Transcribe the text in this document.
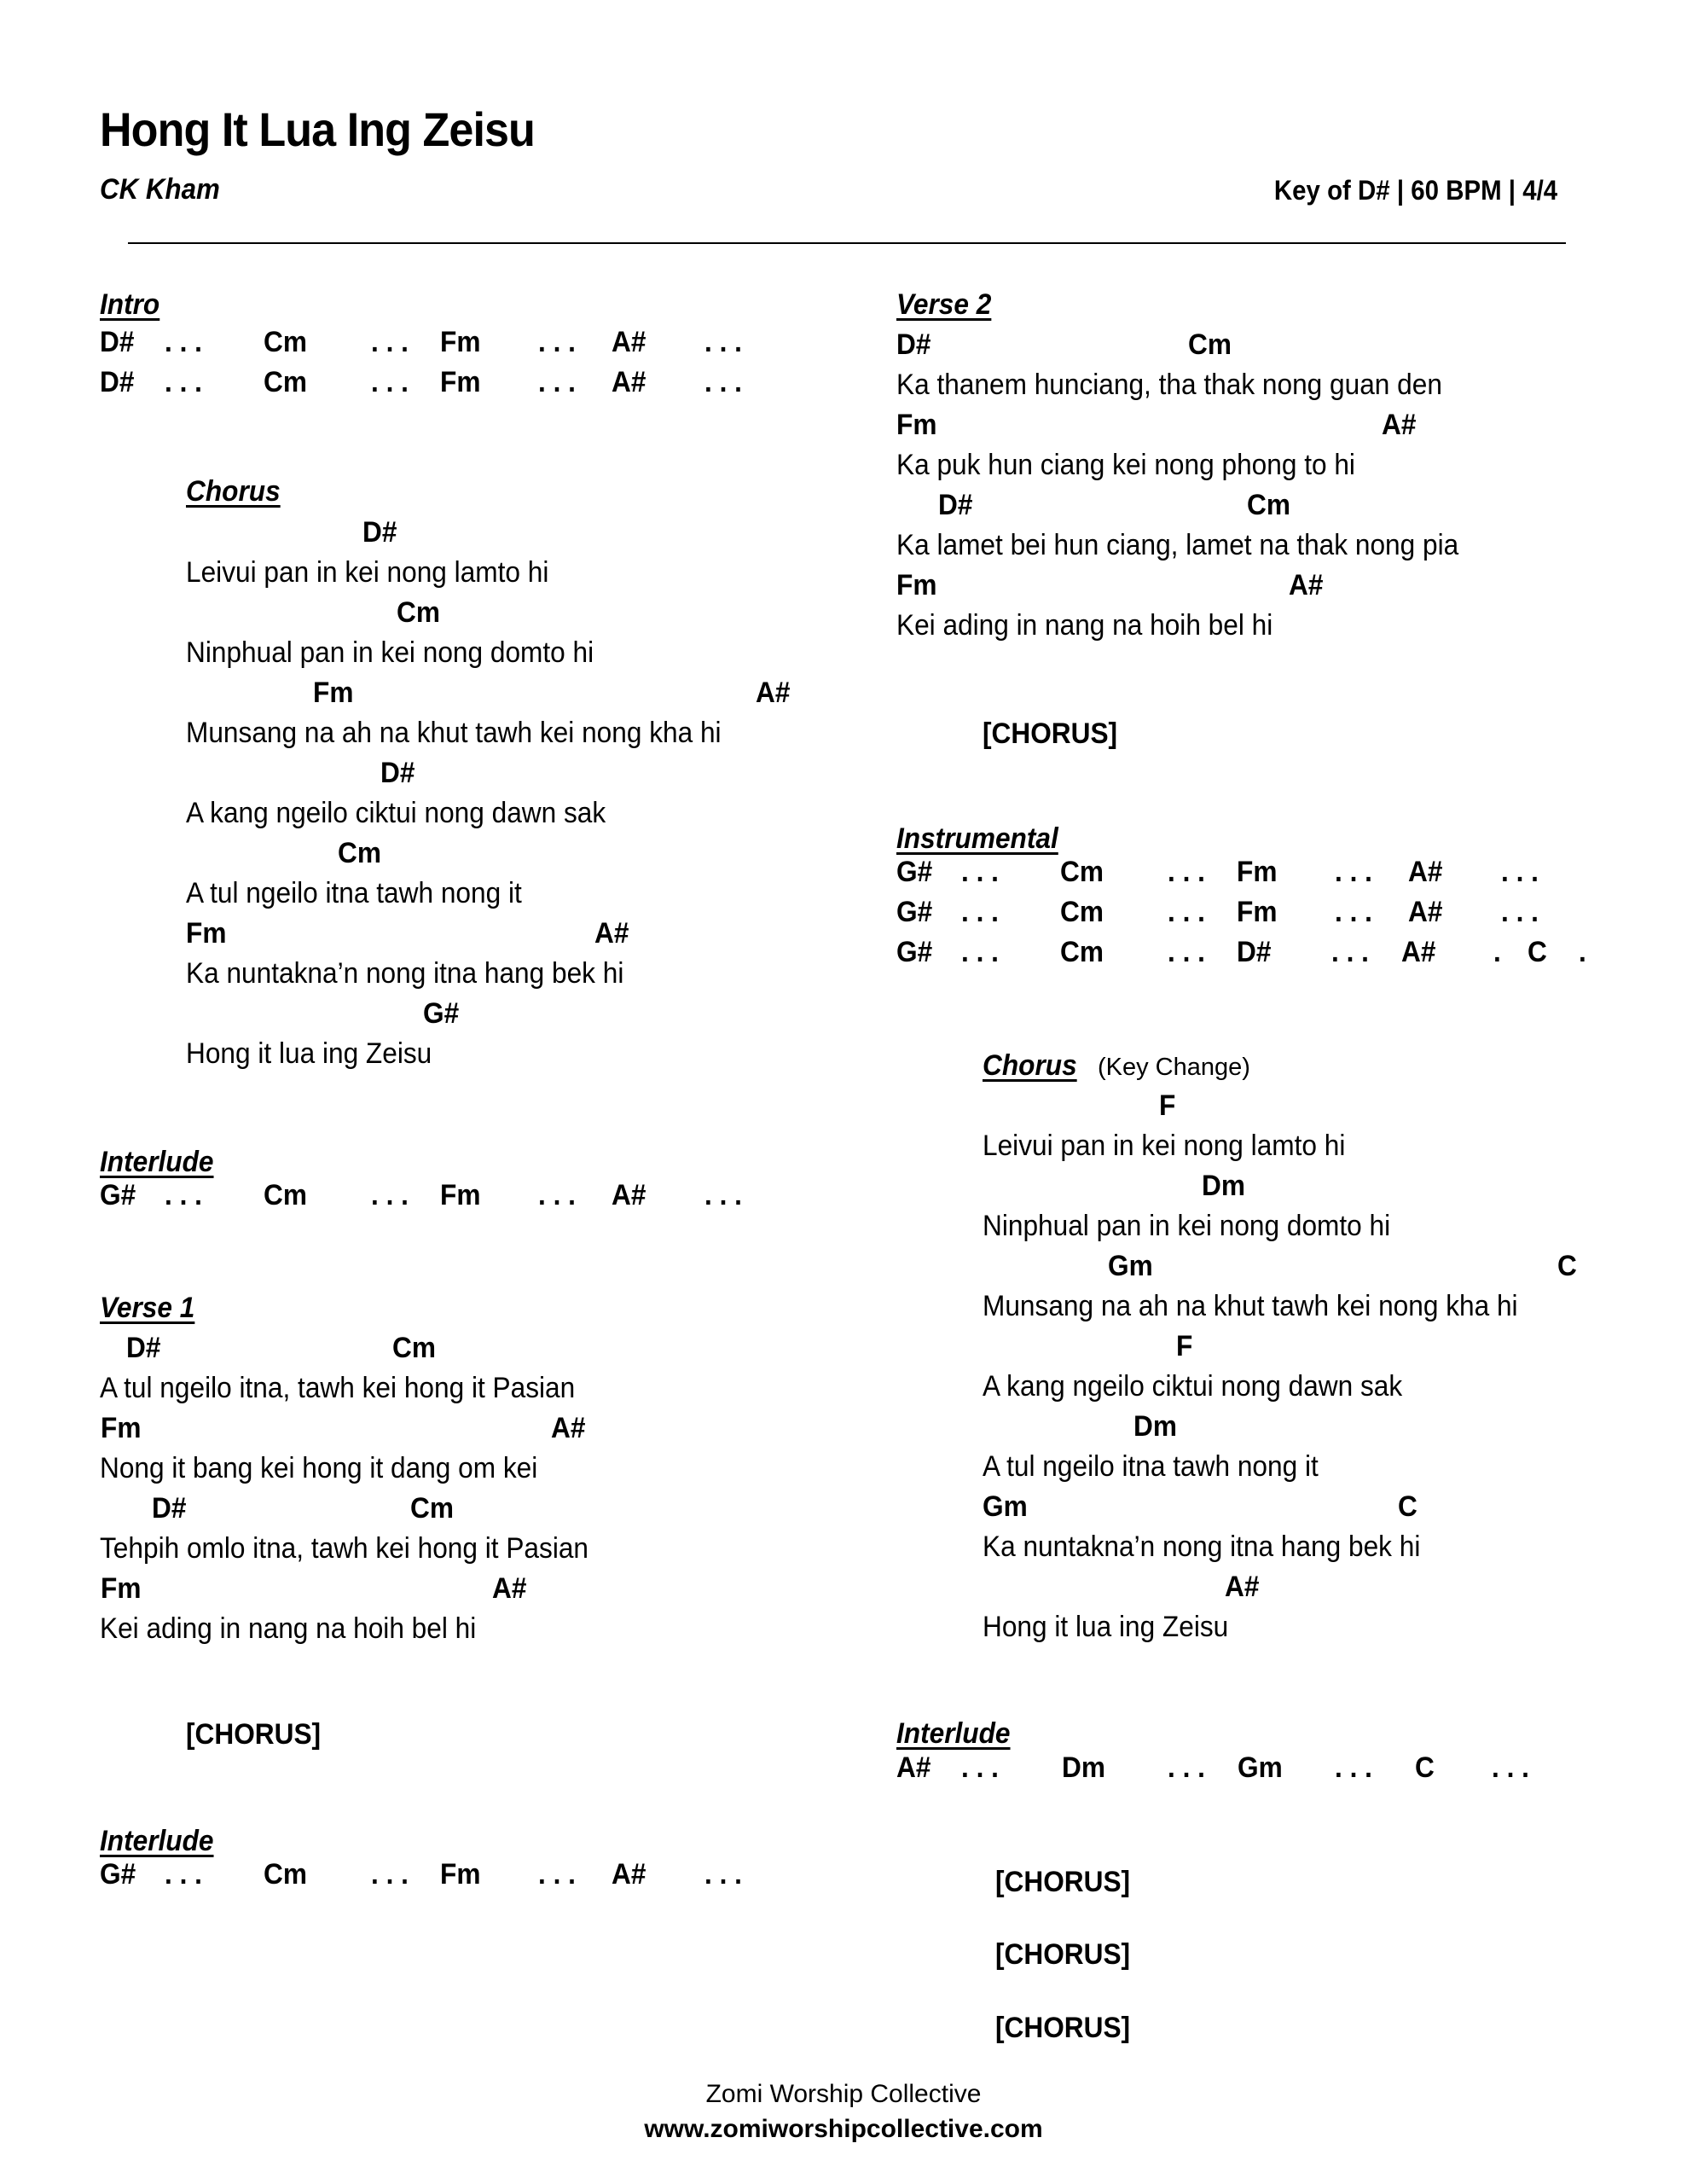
Hong It Lua Ing Zeisu
CK Kham	Key of D# | 60 BPM | 4/4
Intro
D# . . . Cm . . . Fm . . . A# . . .
D# . . . Cm . . . Fm . . . A# . . .
Chorus
D#
Leivui pan in kei nong lamto hi
Cm
Ninphual pan in kei nong domto hi
Fm	A#
Munsang na ah na khut tawh kei nong kha hi
D#
A kang ngeilo ciktui nong dawn sak
Cm
A tul ngeilo itna tawh nong it
Fm	A#
Ka nuntakna’n nong itna hang bek hi
G#
Hong it lua ing Zeisu
Interlude
G# . . . Cm . . . Fm . . . A# . . .
Verse 1
D#	Cm
A tul ngeilo itna, tawh kei hong it Pasian
Fm	A#
Nong it bang kei hong it dang om kei
D#	Cm
Tehpih omlo itna, tawh kei hong it Pasian
Fm	A#
Kei ading in nang na hoih bel hi
[CHORUS]
Interlude
G# . . . Cm . . . Fm . . . A# . . .
Verse 2
D#	Cm
Ka thanem hunciang, tha thak nong guan den
Fm	A#
Ka puk hun ciang kei nong phong to hi
D#	Cm
Ka lamet bei hun ciang, lamet na thak nong pia
Fm	A#
Kei ading in nang na hoih bel hi
[CHORUS]
Instrumental
G# . . . Cm . . . Fm . . . A# . . .
G# . . . Cm . . . Fm . . . A# . . .
G# . . . Cm . . . D# . . . A# . C .
Chorus (Key Change)
F
Leivui pan in kei nong lamto hi
Dm
Ninphual pan in kei nong domto hi
Gm	C
Munsang na ah na khut tawh kei nong kha hi
F
A kang ngeilo ciktui nong dawn sak
Dm
A tul ngeilo itna tawh nong it
Gm	C
Ka nuntakna’n nong itna hang bek hi
A#
Hong it lua ing Zeisu
Interlude
A# . . . Dm . . . Gm . . . C . . .
[CHORUS]
[CHORUS]
[CHORUS]
Zomi Worship Collective
www.zomiworshipcollective.com
